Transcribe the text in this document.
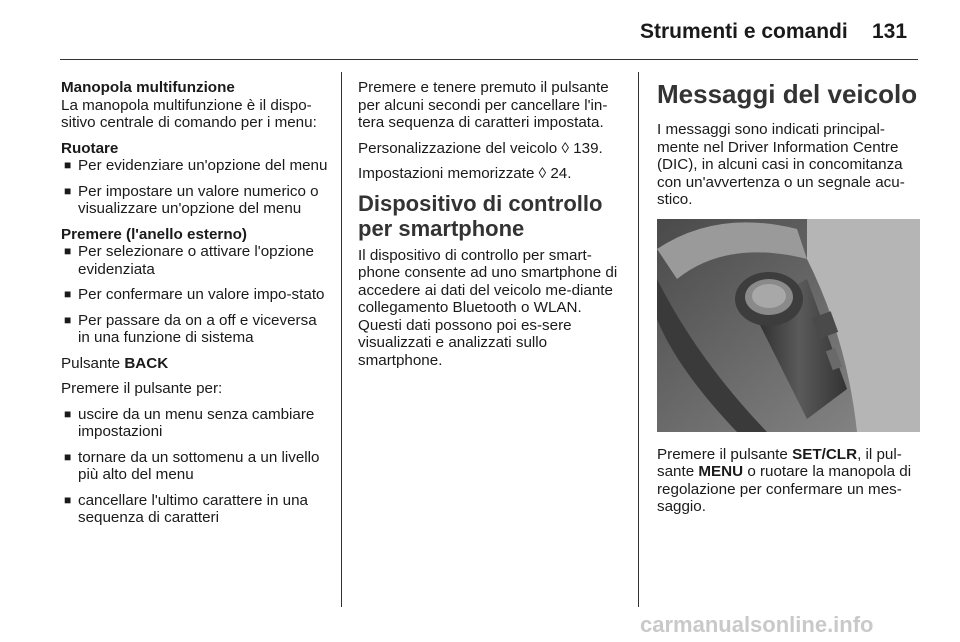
Strumenti e comandi 131

Manopola multifunzione

La manopola multifunzione è il dispo-sitivo centrale di comando per i menu:

Ruotare

■ Per evidenziare un'opzione del menu
■ Per impostare un valore numerico o visualizzare un'opzione del menu

Premere (l'anello esterno)

■ Per selezionare o attivare l'opzione evidenziata
■ Per confermare un valore impo-stato
■ Per passare da on a off e viceversa in una funzione di sistema

Pulsante BACK

Premere il pulsante per:

■ uscire da un menu senza cambiare impostazioni
■ tornare da un sottomenu a un livello più alto del menu
■ cancellare l'ultimo carattere in una sequenza di caratteri

Premere e tenere premuto il pulsante per alcuni secondi per cancellare l'in-tera sequenza di caratteri impostata.

Personalizzazione del veicolo ◊ 139.

Impostazioni memorizzate ◊ 24.

Dispositivo di controllo per smartphone

Il dispositivo di controllo per smart-phone consente ad uno smartphone di accedere ai dati del veicolo me-diante collegamento Bluetooth o WLAN. Questi dati possono poi es-sere visualizzati e analizzati sullo smartphone.

Messaggi del veicolo

I messaggi sono indicati principal-mente nel Driver Information Centre (DIC), in alcuni casi in concomitanza con un'avvertenza o un segnale acu-stico.

Premere il pulsante SET/CLR, il pul-sante MENU o ruotare la manopola di regolazione per confermare un mes-saggio.

carmanualsonline.info
